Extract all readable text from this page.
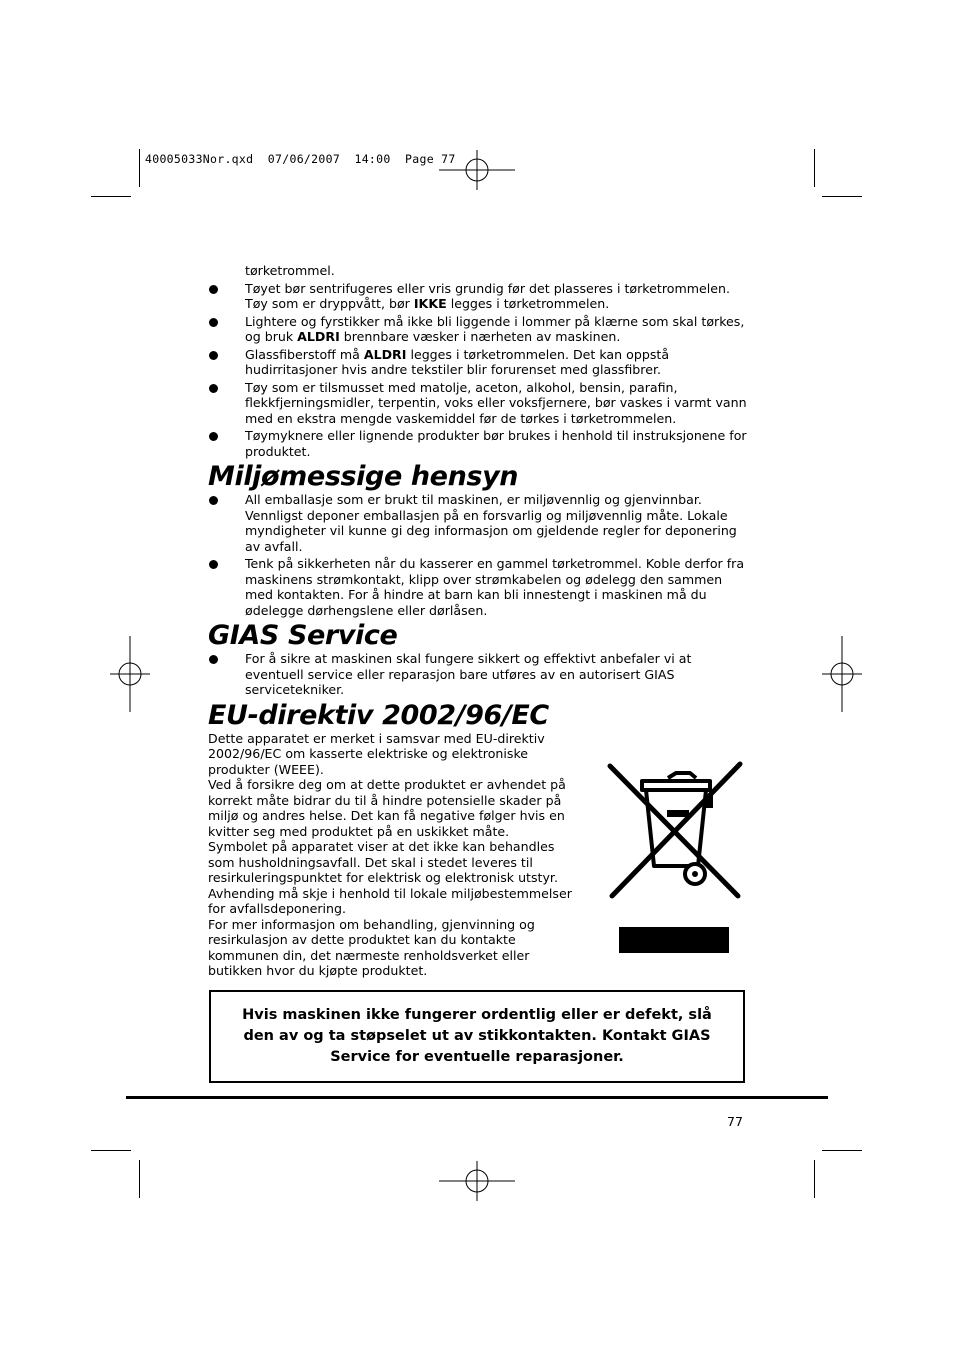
40005033Nor.qxd  07/06/2007  14:00  Page 77

tørketrommel.

Tøyet bør sentrifugeres eller vris grundig før det plasseres i tørketrommelen. Tøy som er dryppvått, bør IKKE legges i tørketrommelen.
Lightere og fyrstikker må ikke bli liggende i lommer på klærne som skal tørkes, og bruk ALDRI brennbare væsker i nærheten av maskinen.
Glassfiberstoff må ALDRI legges i tørketrommelen. Det kan oppstå hudirritasjoner hvis andre tekstiler blir forurenset med glassfibrer.
Tøy som er tilsmusset med matolje, aceton, alkohol, bensin, parafin, flekkfjerningsmidler, terpentin, voks eller voksfjernere, bør vaskes i varmt vann med en ekstra mengde vaskemiddel før de tørkes i tørketrommelen.
Tøymyknere eller lignende produkter bør brukes i henhold til instruksjonene for produktet.
Miljømessige hensyn
All emballasje som er brukt til maskinen, er miljøvennlig og gjenvinnbar. Vennligst deponer emballasjen på en forsvarlig og miljøvennlig måte. Lokale myndigheter vil kunne gi deg informasjon om gjeldende regler for deponering av avfall.
Tenk på sikkerheten når du kasserer en gammel tørketrommel. Koble derfor fra maskinens strømkontakt, klipp over strømkabelen og ødelegg den sammen med kontakten. For å hindre at barn kan bli innestengt i maskinen må du ødelegge dørhengslene eller dørlåsen.
GIAS Service
For å sikre at maskinen skal fungere sikkert og effektivt anbefaler vi at eventuell service eller reparasjon bare utføres av en autorisert GIAS servicetekniker.
EU-direktiv 2002/96/EC

Dette apparatet er merket i samsvar med EU-direktiv 2002/96/EC om kasserte elektriske og elektroniske produkter (WEEE).

Ved å forsikre deg om at dette produktet er avhendet på korrekt måte bidrar du til å hindre potensielle skader på miljø og andres helse. Det kan få negative følger hvis en kvitter seg med produktet på en uskikket måte.

Symbolet på apparatet viser at det ikke kan behandles som husholdningsavfall. Det skal i stedet leveres til resirkuleringspunktet for elektrisk og elektronisk utstyr.

Avhending må skje i henhold til lokale miljøbestemmelser for avfallsdeponering.

For mer informasjon om behandling, gjenvinning og resirkulasjon av dette produktet kan du kontakte kommunen din, det nærmeste renholdsverket eller butikken hvor du kjøpte produktet.

Hvis maskinen ikke fungerer ordentlig eller er defekt, slå den av og ta støpselet ut av stikkontakten. Kontakt GIAS Service for eventuelle reparasjoner.
77
